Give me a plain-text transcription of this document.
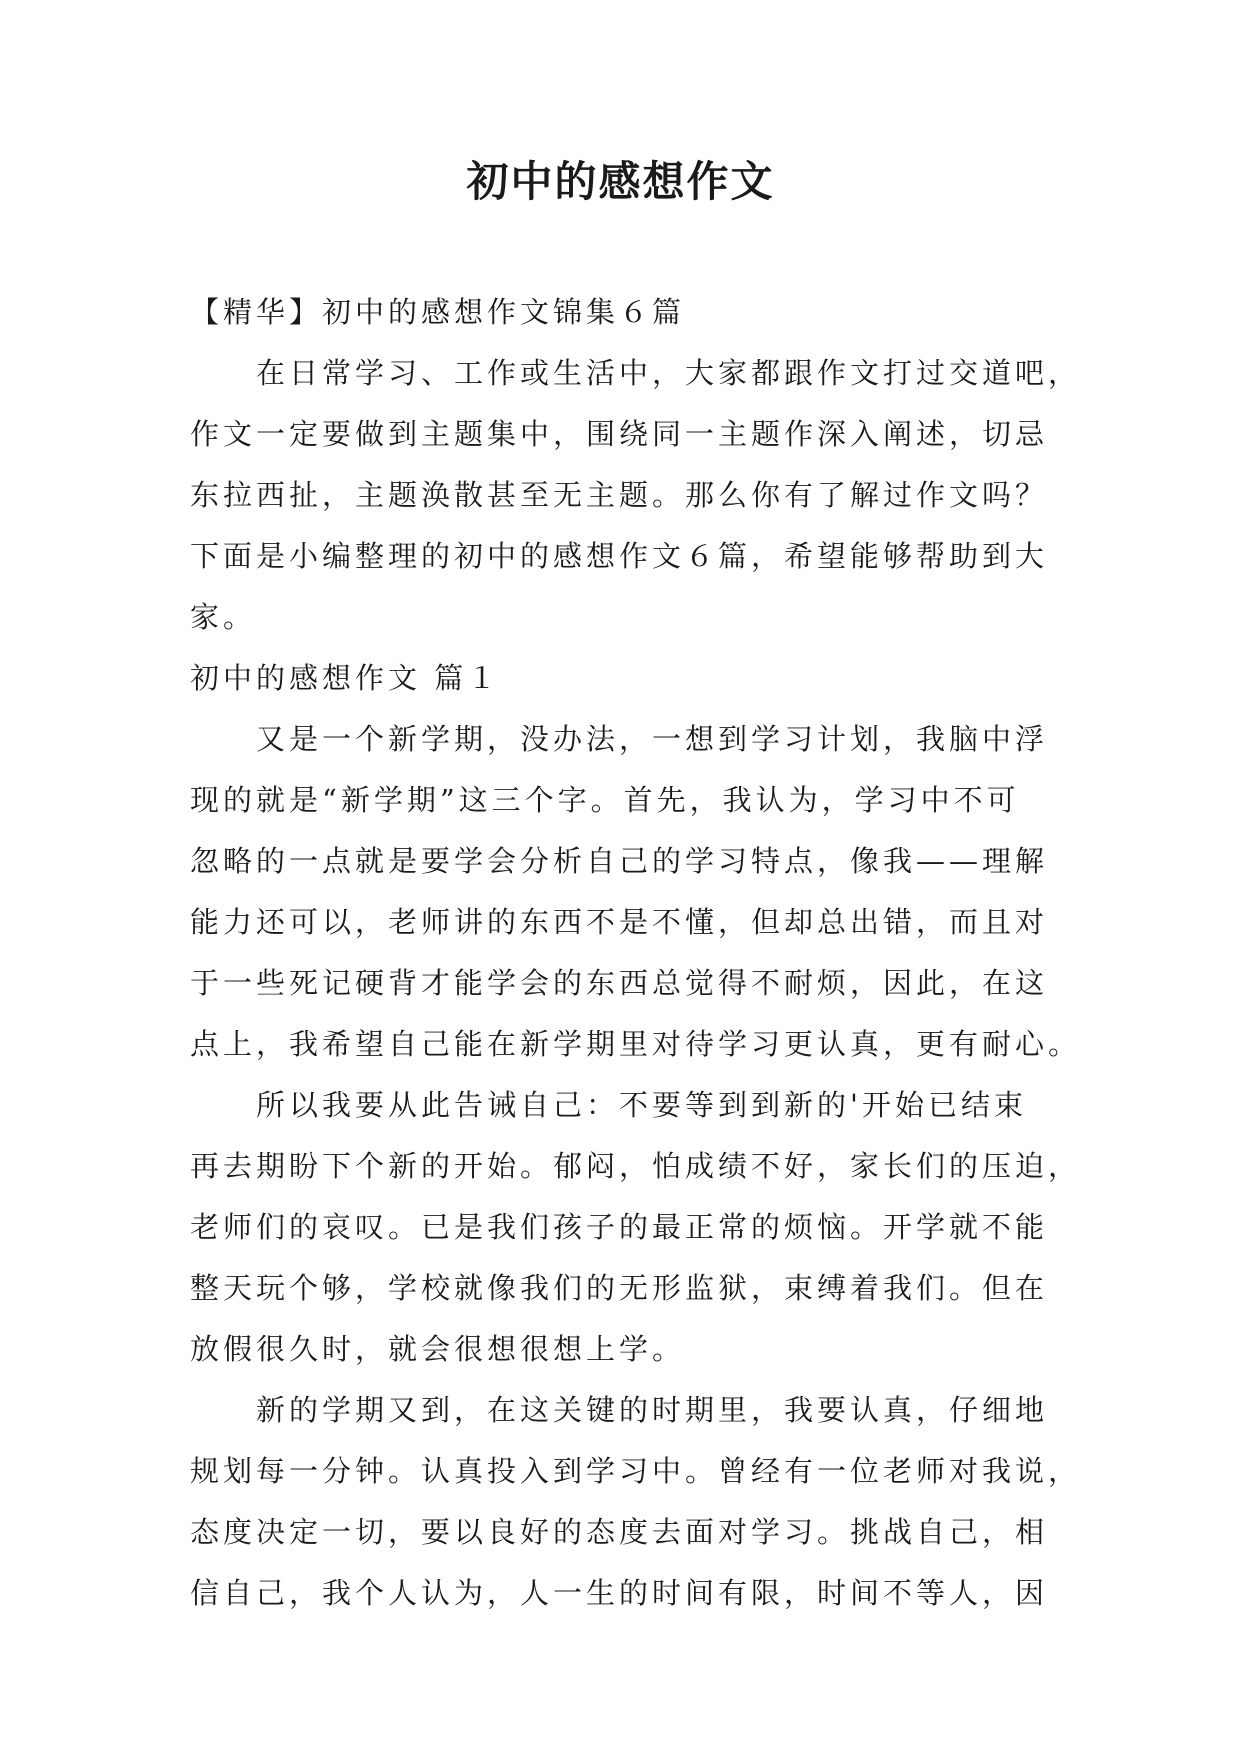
初中的感想作文
【精华】初中的感想作文锦集６篇
在日常学习、工作或生活中，大家都跟作文打过交道吧，
作文一定要做到主题集中，围绕同一主题作深入阐述，切忌
东拉西扯，主题涣散甚至无主题。那么你有了解过作文吗？
下面是小编整理的初中的感想作文６篇，希望能够帮助到大
家。
初中的感想作文 篇１
又是一个新学期，没办法，一想到学习计划，我脑中浮
现的就是“新学期”这三个字。首先，我认为，学习中不可
忽略的一点就是要学会分析自己的学习特点，像我——理解
能力还可以，老师讲的东西不是不懂，但却总出错，而且对
于一些死记硬背才能学会的东西总觉得不耐烦，因此，在这
点上，我希望自己能在新学期里对待学习更认真，更有耐心。
所以我要从此告诫自己：不要等到到新的'开始已结束
再去期盼下个新的开始。郁闷，怕成绩不好，家长们的压迫，
老师们的哀叹。已是我们孩子的最正常的烦恼。开学就不能
整天玩个够，学校就像我们的无形监狱，束缚着我们。但在
放假很久时，就会很想很想上学。
新的学期又到，在这关键的时期里，我要认真，仔细地
规划每一分钟。认真投入到学习中。曾经有一位老师对我说，
态度决定一切，要以良好的态度去面对学习。挑战自己，相
信自己，我个人认为，人一生的时间有限，时间不等人，因
